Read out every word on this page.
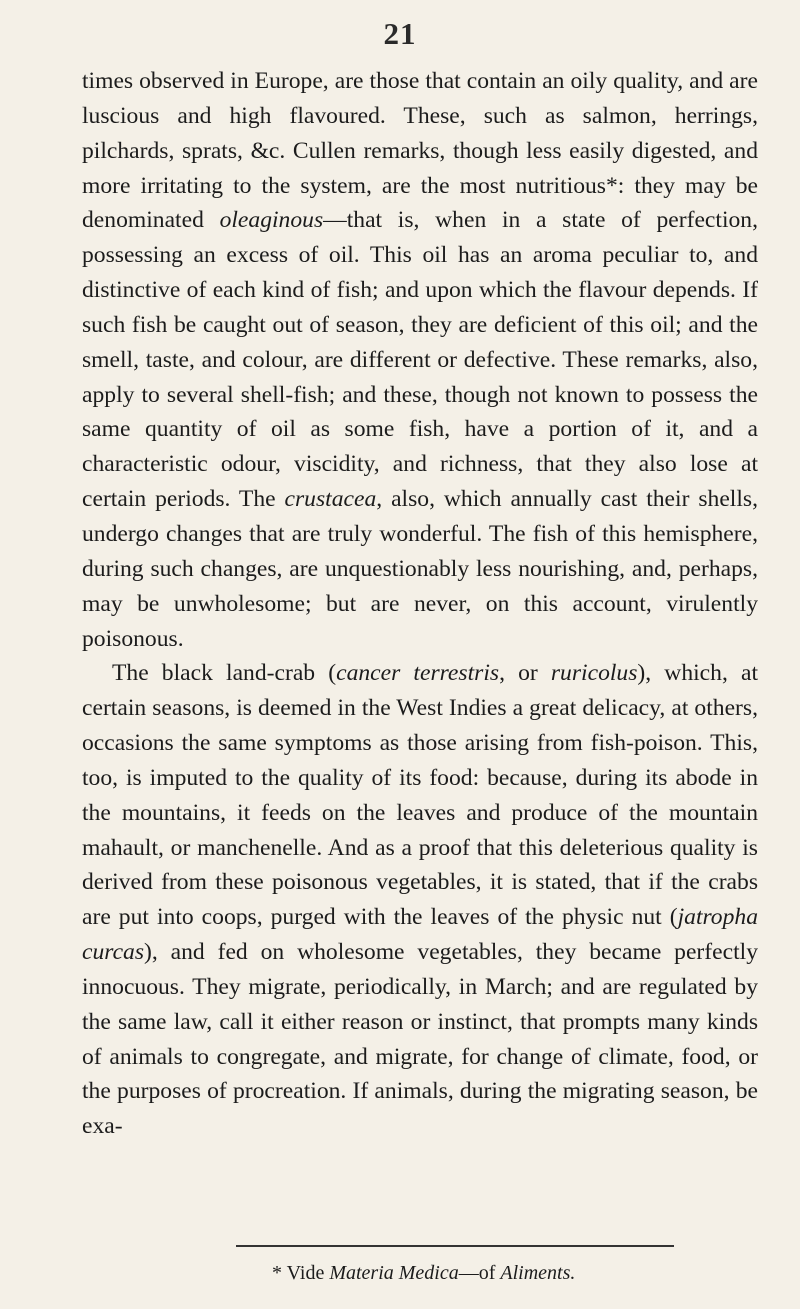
21

times observed in Europe, are those that contain an oily quality, and are luscious and high flavoured. These, such as salmon, herrings, pilchards, sprats, &c. Cullen remarks, though less easily digested, and more irritating to the system, are the most nutritious*: they may be denominated oleaginous—that is, when in a state of perfection, possessing an excess of oil. This oil has an aroma peculiar to, and distinctive of each kind of fish; and upon which the flavour depends. If such fish be caught out of season, they are deficient of this oil; and the smell, taste, and colour, are different or defective. These remarks, also, apply to several shell-fish; and these, though not known to possess the same quantity of oil as some fish, have a portion of it, and a characteristic odour, viscidity, and richness, that they also lose at certain periods. The crustacea, also, which annually cast their shells, undergo changes that are truly wonderful. The fish of this hemisphere, during such changes, are unquestionably less nourishing, and, perhaps, may be unwholesome; but are never, on this account, virulently poisonous.

The black land-crab (cancer terrestris, or ruricolus), which, at certain seasons, is deemed in the West Indies a great delicacy, at others, occasions the same symptoms as those arising from fish-poison. This, too, is imputed to the quality of its food: because, during its abode in the mountains, it feeds on the leaves and produce of the mountain mahault, or manchenelle. And as a proof that this deleterious quality is derived from these poisonous vegetables, it is stated, that if the crabs are put into coops, purged with the leaves of the physic nut (jatropha curcas), and fed on wholesome vegetables, they became perfectly innocuous. They migrate, periodically, in March; and are regulated by the same law, call it either reason or instinct, that prompts many kinds of animals to congregate, and migrate, for change of climate, food, or the purposes of procreation. If animals, during the migrating season, be exa-

* Vide Materia Medica—of Aliments.
